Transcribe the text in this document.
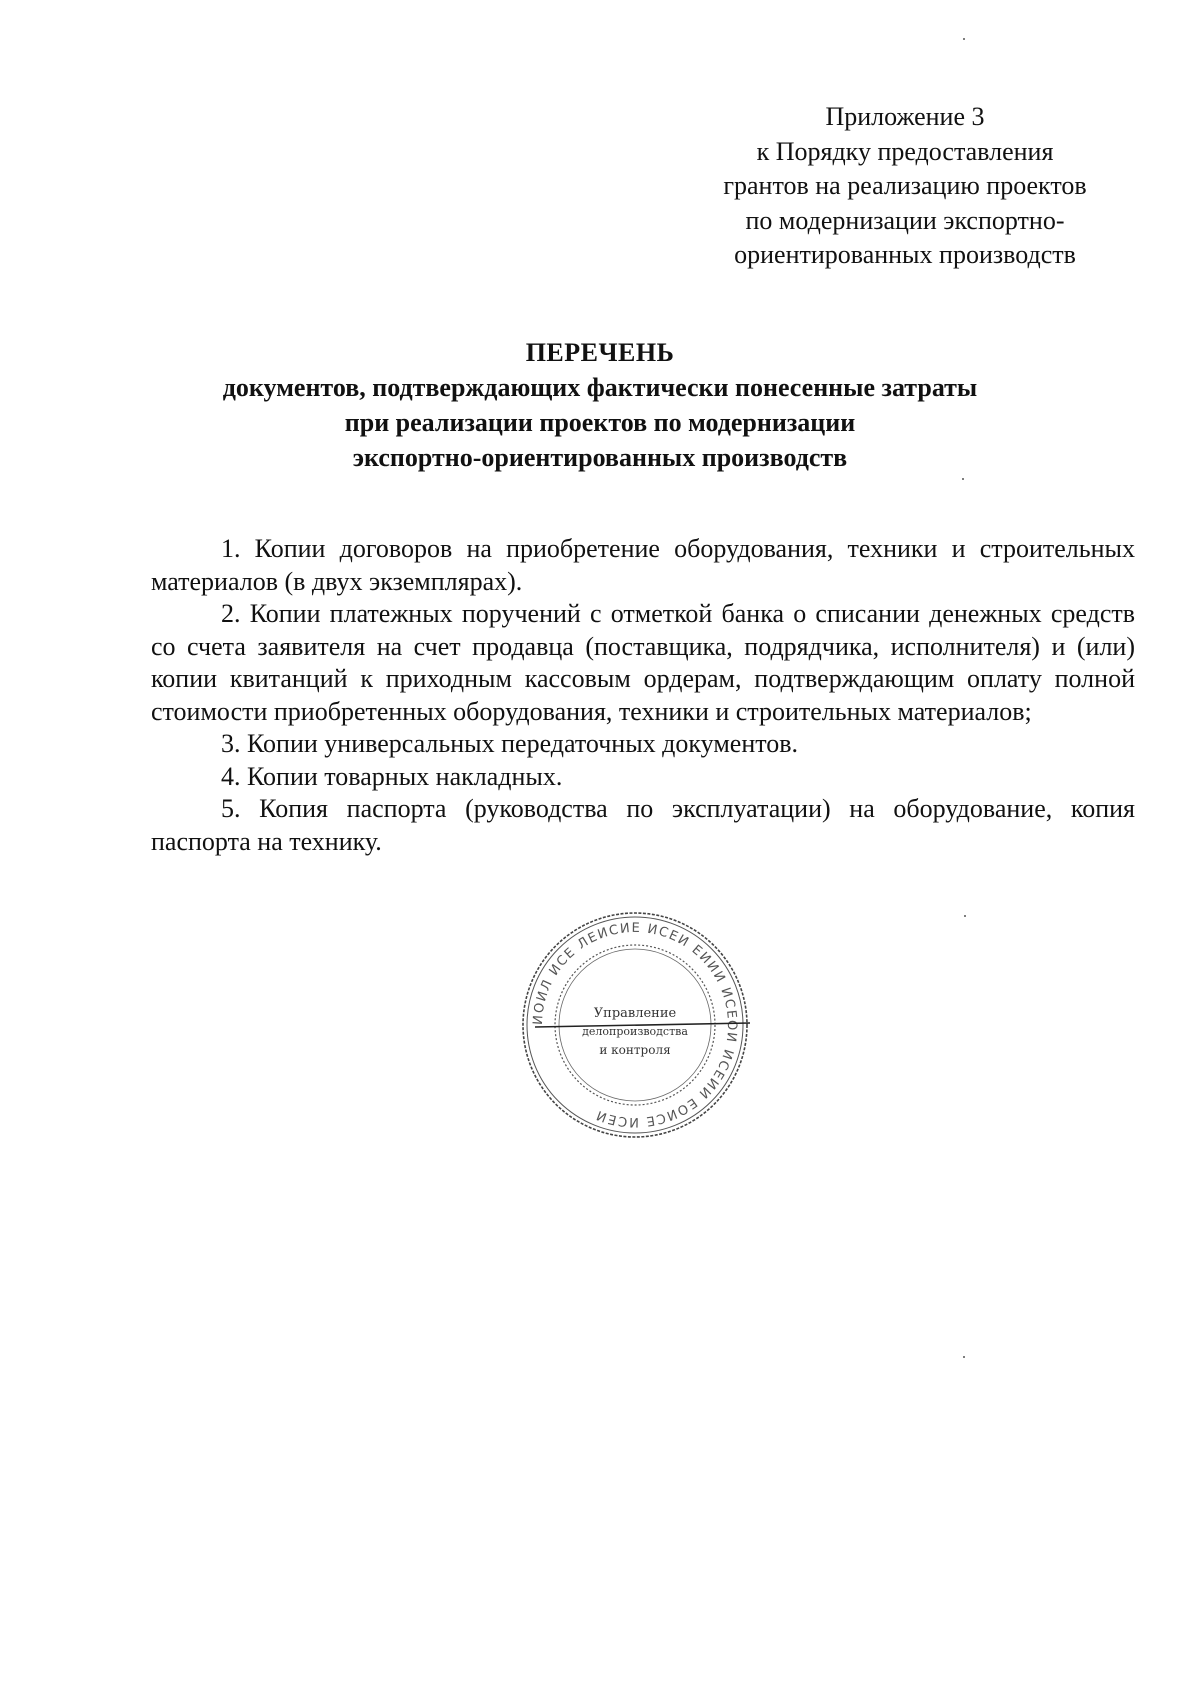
Приложение 3
к Порядку предоставления
грантов на реализацию проектов
по модернизации экспортно-
ориентированных производств
ПЕРЕЧЕНЬ
документов, подтверждающих фактически понесенные затраты
при реализации проектов по модернизации
экспортно-ориентированных производств

1. Копии договоров на приобретение оборудования, техники и строительных материалов (в двух экземплярах).

2. Копии платежных поручений с отметкой банка о списании денежных средств со счета заявителя на счет продавца (поставщика, подрядчика, исполнителя) и (или) копии квитанций к приходным кассовым ордерам, подтверждающим оплату полной стоимости приобретенных оборудования, техники и строительных материалов;

3. Копии универсальных передаточных документов.

4. Копии товарных накладных.

5. Копия паспорта (руководства по эксплуатации) на оборудование, копия паспорта на технику.

ИОИЛ ИСЕ ЛЕИСИЕ ИСЕИ ЕИИИ ИСЕОИ ИСЕИИ ЕОИСЕ ИСЕИ
Управление
делопроизводства
и контроля
